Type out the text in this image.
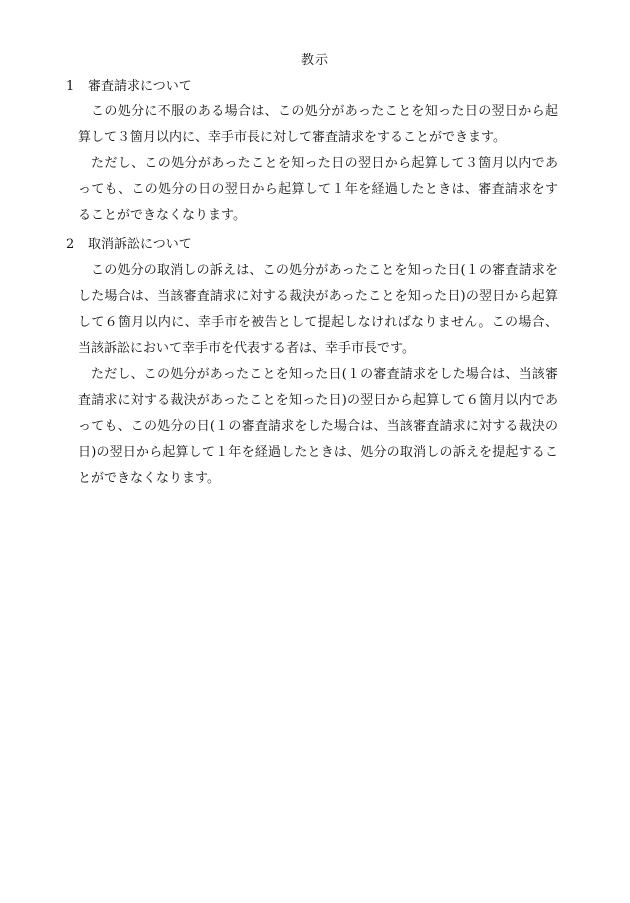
教示
1 審査請求について

この処分に不服のある場合は、この処分があったことを知った日の翌日から起算して３箇月以内に、幸手市長に対して審査請求をすることができます。

ただし、この処分があったことを知った日の翌日から起算して３箇月以内であっても、この処分の日の翌日から起算して１年を経過したときは、審査請求をすることができなくなります。

2 取消訴訟について

この処分の取消しの訴えは、この処分があったことを知った日(１の審査請求をした場合は、当該審査請求に対する裁決があったことを知った日)の翌日から起算して６箇月以内に、幸手市を被告として提起しなければなりません。この場合、当該訴訟において幸手市を代表する者は、幸手市長です。

ただし、この処分があったことを知った日(１の審査請求をした場合は、当該審査請求に対する裁決があったことを知った日)の翌日から起算して６箇月以内であっても、この処分の日(１の審査請求をした場合は、当該審査請求に対する裁決の日)の翌日から起算して１年を経過したときは、処分の取消しの訴えを提起することができなくなります。
